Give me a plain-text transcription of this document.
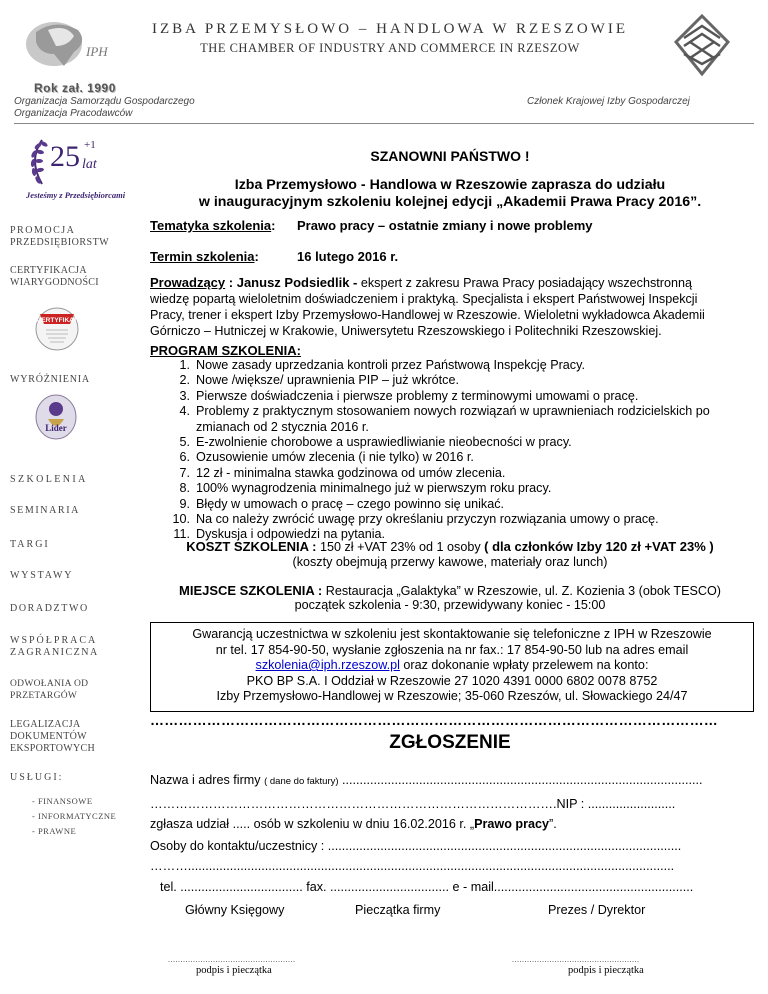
IPH
IZBA PRZEMYSŁOWO – HANDLOWA W RZESZOWIE
THE CHAMBER OF INDUSTRY AND COMMERCE IN RZESZOW
Rok zał. 1990
Organizacja Samorządu Gospodarczego
Organizacja Pracodawców
Członek Krajowej Izby Gospodarczej
25 +1
lat
Jesteśmy z Przedsiębiorcami
PROMOCJA
PRZEDSIĘBIORSTW
CERTYFIKACJA
WIARYGODNOŚCI
CERTYFIKAT
WYRÓŻNIENIA
Lider
SZKOLENIA
SEMINARIA
TARGI
WYSTAWY
DORADZTWO
WSPÓŁPRACA
ZAGRANICZNA
ODWOŁANIA OD
PRZETARGÓW
LEGALIZACJA
DOKUMENTÓW
EKSPORTOWYCH
USŁUGI:
- FINANSOWE
- INFORMATYCZNE
- PRAWNE
SZANOWNI PAŃSTWO !
Izba Przemysłowo - Handlowa w Rzeszowie zaprasza do udziału
w inauguracyjnym szkoleniu kolejnej edycji „Akademii Prawa Pracy 2016”.
Tematyka szkolenia: Prawo pracy – ostatnie zmiany i nowe problemy
Termin szkolenia:	16 lutego 2016 r.
Prowadzący : Janusz Podsiedlik - ekspert z zakresu Prawa Pracy posiadający wszechstronną
wiedzę popartą wieloletnim doświadczeniem i praktyką. Specjalista i ekspert Państwowej Inspekcji
Pracy, trener i ekspert Izby Przemysłowo-Handlowej w Rzeszowie. Wieloletni wykładowca Akademii
Górniczo – Hutniczej w Krakowie, Uniwersytetu Rzeszowskiego i Politechniki Rzeszowskiej.
PROGRAM SZKOLENIA:
1. Nowe zasady uprzedzania kontroli przez Państwową Inspekcję Pracy.
2. Nowe /większe/ uprawnienia PIP – już wkrótce.
3. Pierwsze doświadczenia i pierwsze problemy z terminowymi umowami o pracę.
4. Problemy z praktycznym stosowaniem nowych rozwiązań w uprawnieniach rodzicielskich po
zmianach od 2 stycznia 2016 r.
5. E-zwolnienie chorobowe a usprawiedliwianie nieobecności w pracy.
6. Ozusowienie umów zlecenia (i nie tylko) w 2016 r.
7. 12 zł - minimalna stawka godzinowa od umów zlecenia.
8. 100% wynagrodzenia minimalnego już w pierwszym roku pracy.
9. Błędy w umowach o pracę – czego powinno się unikać.
10. Na co należy zwrócić uwagę przy określaniu przyczyn rozwiązania umowy o pracę.
11. Dyskusja i odpowiedzi na pytania.
KOSZT SZKOLENIA : 150 zł +VAT 23% od 1 osoby ( dla członków Izby 120 zł +VAT 23% )
(koszty obejmują przerwy kawowe, materiały oraz lunch)
MIEJSCE SZKOLENIA : Restauracja „Galaktyka” w Rzeszowie, ul. Z. Kozienia 3 (obok TESCO)
początek szkolenia - 9:30, przewidywany koniec - 15:00
Gwarancją uczestnictwa w szkoleniu jest skontaktowanie się telefoniczne z IPH w Rzeszowie
nr tel. 17 854-90-50, wysłanie zgłoszenia na nr fax.: 17 854-90-50 lub na adres email
szkolenia@iph.rzeszow.pl oraz dokonanie wpłaty przelewem na konto:
PKO BP S.A. I Oddział w Rzeszowie 27 1020 4391 0000 6802 0078 8752
Izby Przemysłowo-Handlowej w Rzeszowie; 35-060 Rzeszów, ul. Słowackiego 24/47
…………………………………………………………………………………………………………
ZGŁOSZENIE
Nazwa i adres firmy ( dane do faktury) .......................................................................................................
…………………………………………………………………………………….NIP : .........................
zgłasza udział ..... osób w szkoleniu w dniu 16.02.2016 r. „Prawo pracy”.
Osoby do kontaktu/uczestnicy : .....................................................................................................
………...........................................................................................................................................
tel. ................................... fax. .................................. e - mail.........................................................
Główny Księgowy	Pieczątka firmy	Prezes / Dyrektor
...................................................
podpis i pieczątka
...................................................
podpis i pieczątka
